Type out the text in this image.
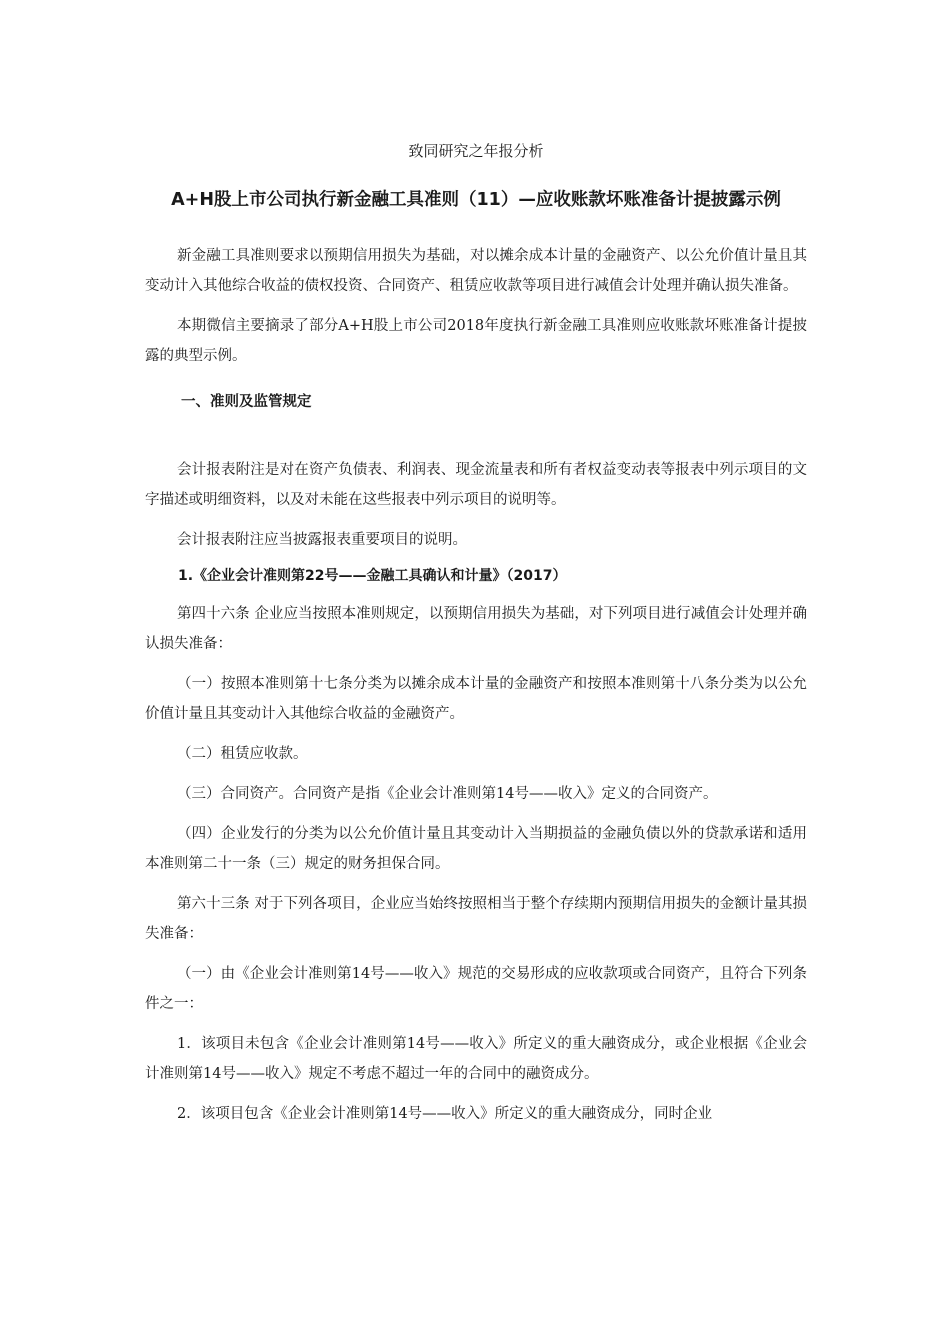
致同研究之年报分析
A+H股上市公司执行新金融工具准则（11）—应收账款坏账准备计提披露示例

新金融工具准则要求以预期信用损失为基础，对以摊余成本计量的金融资产、以公允价值计量且其变动计入其他综合收益的债权投资、合同资产、租赁应收款等项目进行减值会计处理并确认损失准备。

本期微信主要摘录了部分A+H股上市公司2018年度执行新金融工具准则应收账款坏账准备计提披露的典型示例。

一、准则及监管规定

会计报表附注是对在资产负债表、利润表、现金流量表和所有者权益变动表等报表中列示项目的文字描述或明细资料，以及对未能在这些报表中列示项目的说明等。

会计报表附注应当披露报表重要项目的说明。

1.《企业会计准则第22号——金融工具确认和计量》（2017）

第四十六条 企业应当按照本准则规定，以预期信用损失为基础，对下列项目进行减值会计处理并确认损失准备：

（一）按照本准则第十七条分类为以摊余成本计量的金融资产和按照本准则第十八条分类为以公允价值计量且其变动计入其他综合收益的金融资产。

（二）租赁应收款。

（三）合同资产。合同资产是指《企业会计准则第14号——收入》定义的合同资产。

（四）企业发行的分类为以公允价值计量且其变动计入当期损益的金融负债以外的贷款承诺和适用本准则第二十一条（三）规定的财务担保合同。

第六十三条 对于下列各项目，企业应当始终按照相当于整个存续期内预期信用损失的金额计量其损失准备：

（一）由《企业会计准则第14号——收入》规范的交易形成的应收款项或合同资产，且符合下列条件之一：

1．该项目未包含《企业会计准则第14号——收入》所定义的重大融资成分，或企业根据《企业会计准则第14号——收入》规定不考虑不超过一年的合同中的融资成分。

2．该项目包含《企业会计准则第14号——收入》所定义的重大融资成分，同时企业
